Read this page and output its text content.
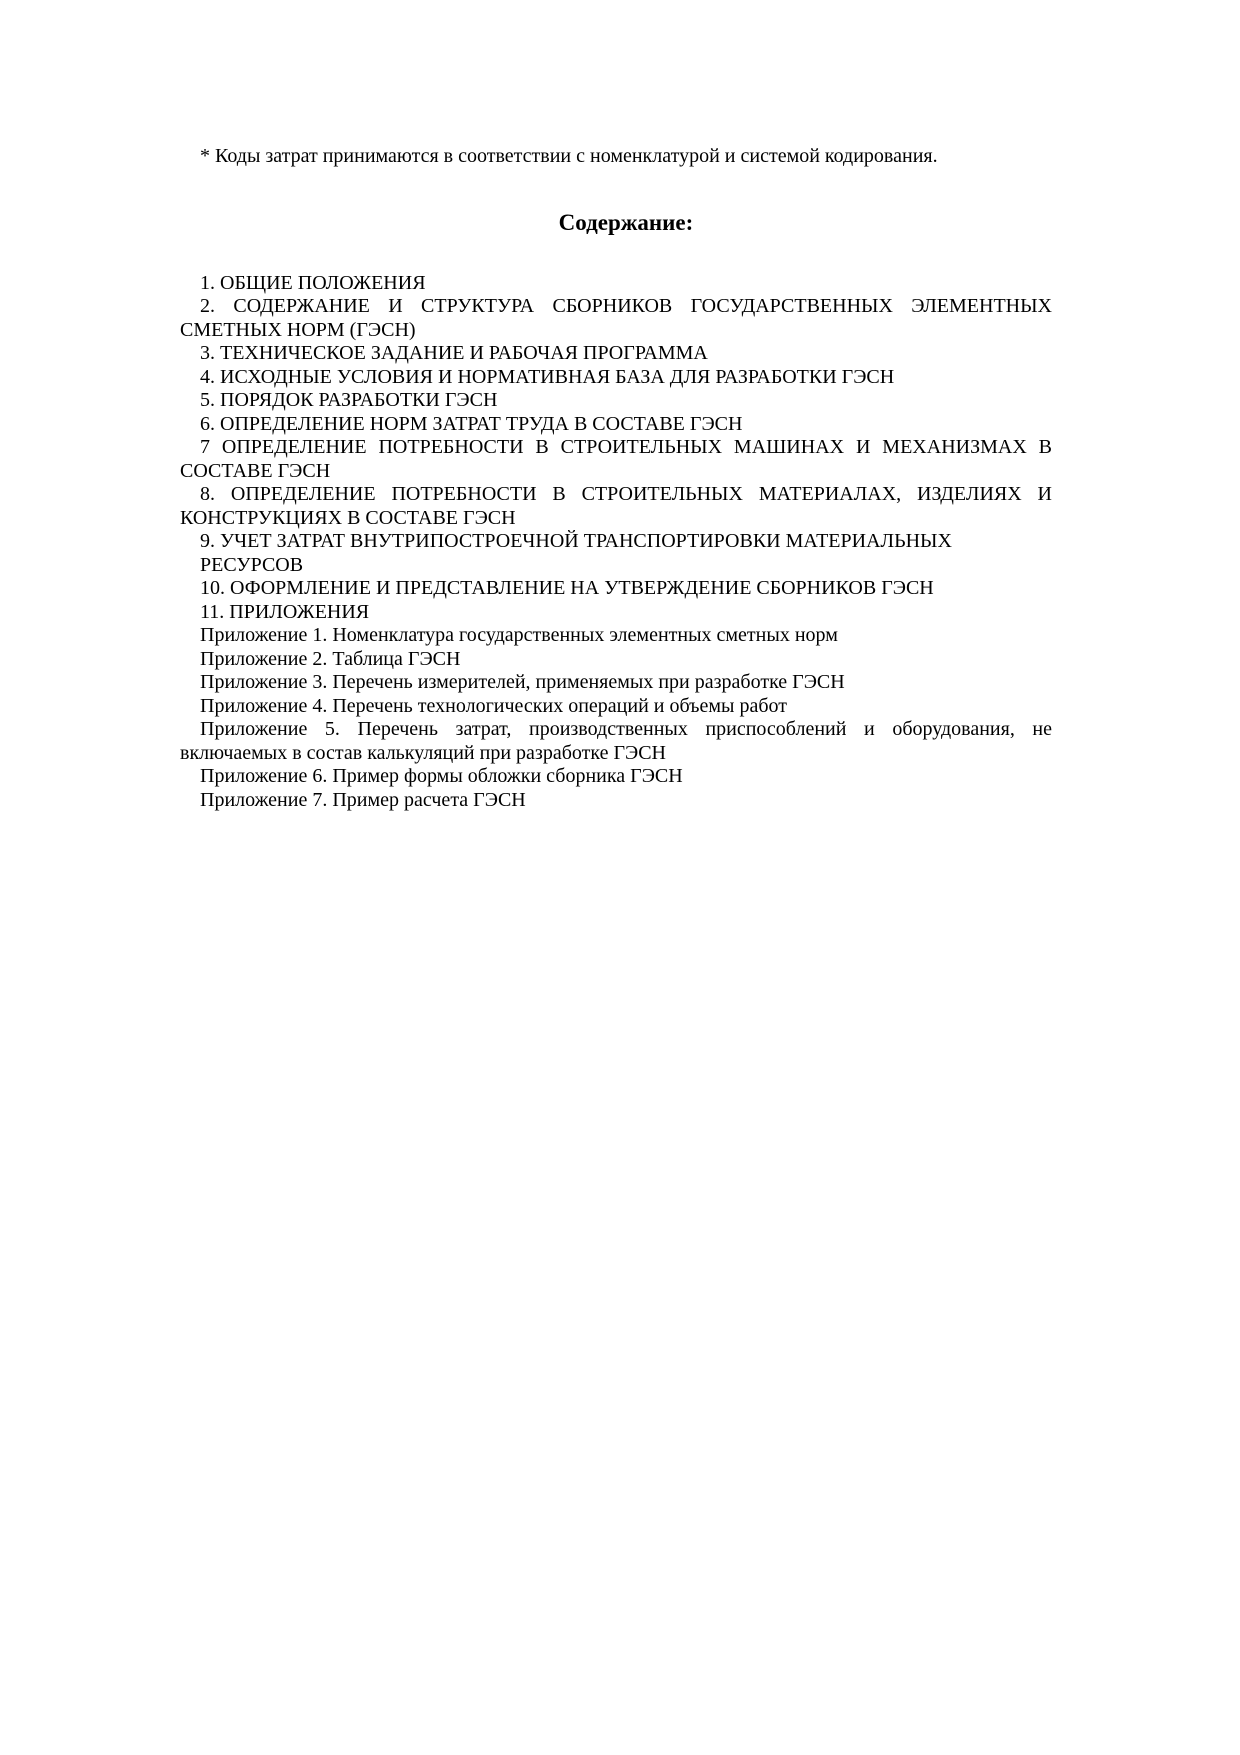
* Коды затрат принимаются в соответствии с номенклатурой и системой кодирования.

Содержание:

1. ОБЩИЕ ПОЛОЖЕНИЯ

2. СОДЕРЖАНИЕ И СТРУКТУРА СБОРНИКОВ ГОСУДАРСТВЕННЫХ ЭЛЕМЕНТНЫХ
СМЕТНЫХ НОРМ (ГЭСН)

3. ТЕХНИЧЕСКОЕ ЗАДАНИЕ И РАБОЧАЯ ПРОГРАММА

4. ИСХОДНЫЕ УСЛОВИЯ И НОРМАТИВНАЯ БАЗА ДЛЯ РАЗРАБОТКИ ГЭСН

5. ПОРЯДОК РАЗРАБОТКИ ГЭСН

6. ОПРЕДЕЛЕНИЕ НОРМ ЗАТРАТ ТРУДА В СОСТАВЕ ГЭСН

7 ОПРЕДЕЛЕНИЕ ПОТРЕБНОСТИ В СТРОИТЕЛЬНЫХ МАШИНАХ И МЕХАНИЗМАХ В
СОСТАВЕ ГЭСН

8. ОПРЕДЕЛЕНИЕ ПОТРЕБНОСТИ В СТРОИТЕЛЬНЫХ МАТЕРИАЛАХ, ИЗДЕЛИЯХ И
КОНСТРУКЦИЯХ В СОСТАВЕ ГЭСН

9. УЧЕТ ЗАТРАТ ВНУТРИПОСТРОЕЧНОЙ ТРАНСПОРТИРОВКИ МАТЕРИАЛЬНЫХ
РЕСУРСОВ

10. ОФОРМЛЕНИЕ И ПРЕДСТАВЛЕНИЕ НА УТВЕРЖДЕНИЕ СБОРНИКОВ ГЭСН

11. ПРИЛОЖЕНИЯ

Приложение 1. Номенклатура государственных элементных сметных норм

Приложение 2. Таблица ГЭСН

Приложение 3. Перечень измерителей, применяемых при разработке ГЭСН

Приложение 4. Перечень технологических операций и объемы работ

Приложение 5. Перечень затрат, производственных приспособлений и оборудования, не
включаемых в состав калькуляций при разработке ГЭСН

Приложение 6. Пример формы обложки сборника ГЭСН

Приложение 7. Пример расчета ГЭСН
